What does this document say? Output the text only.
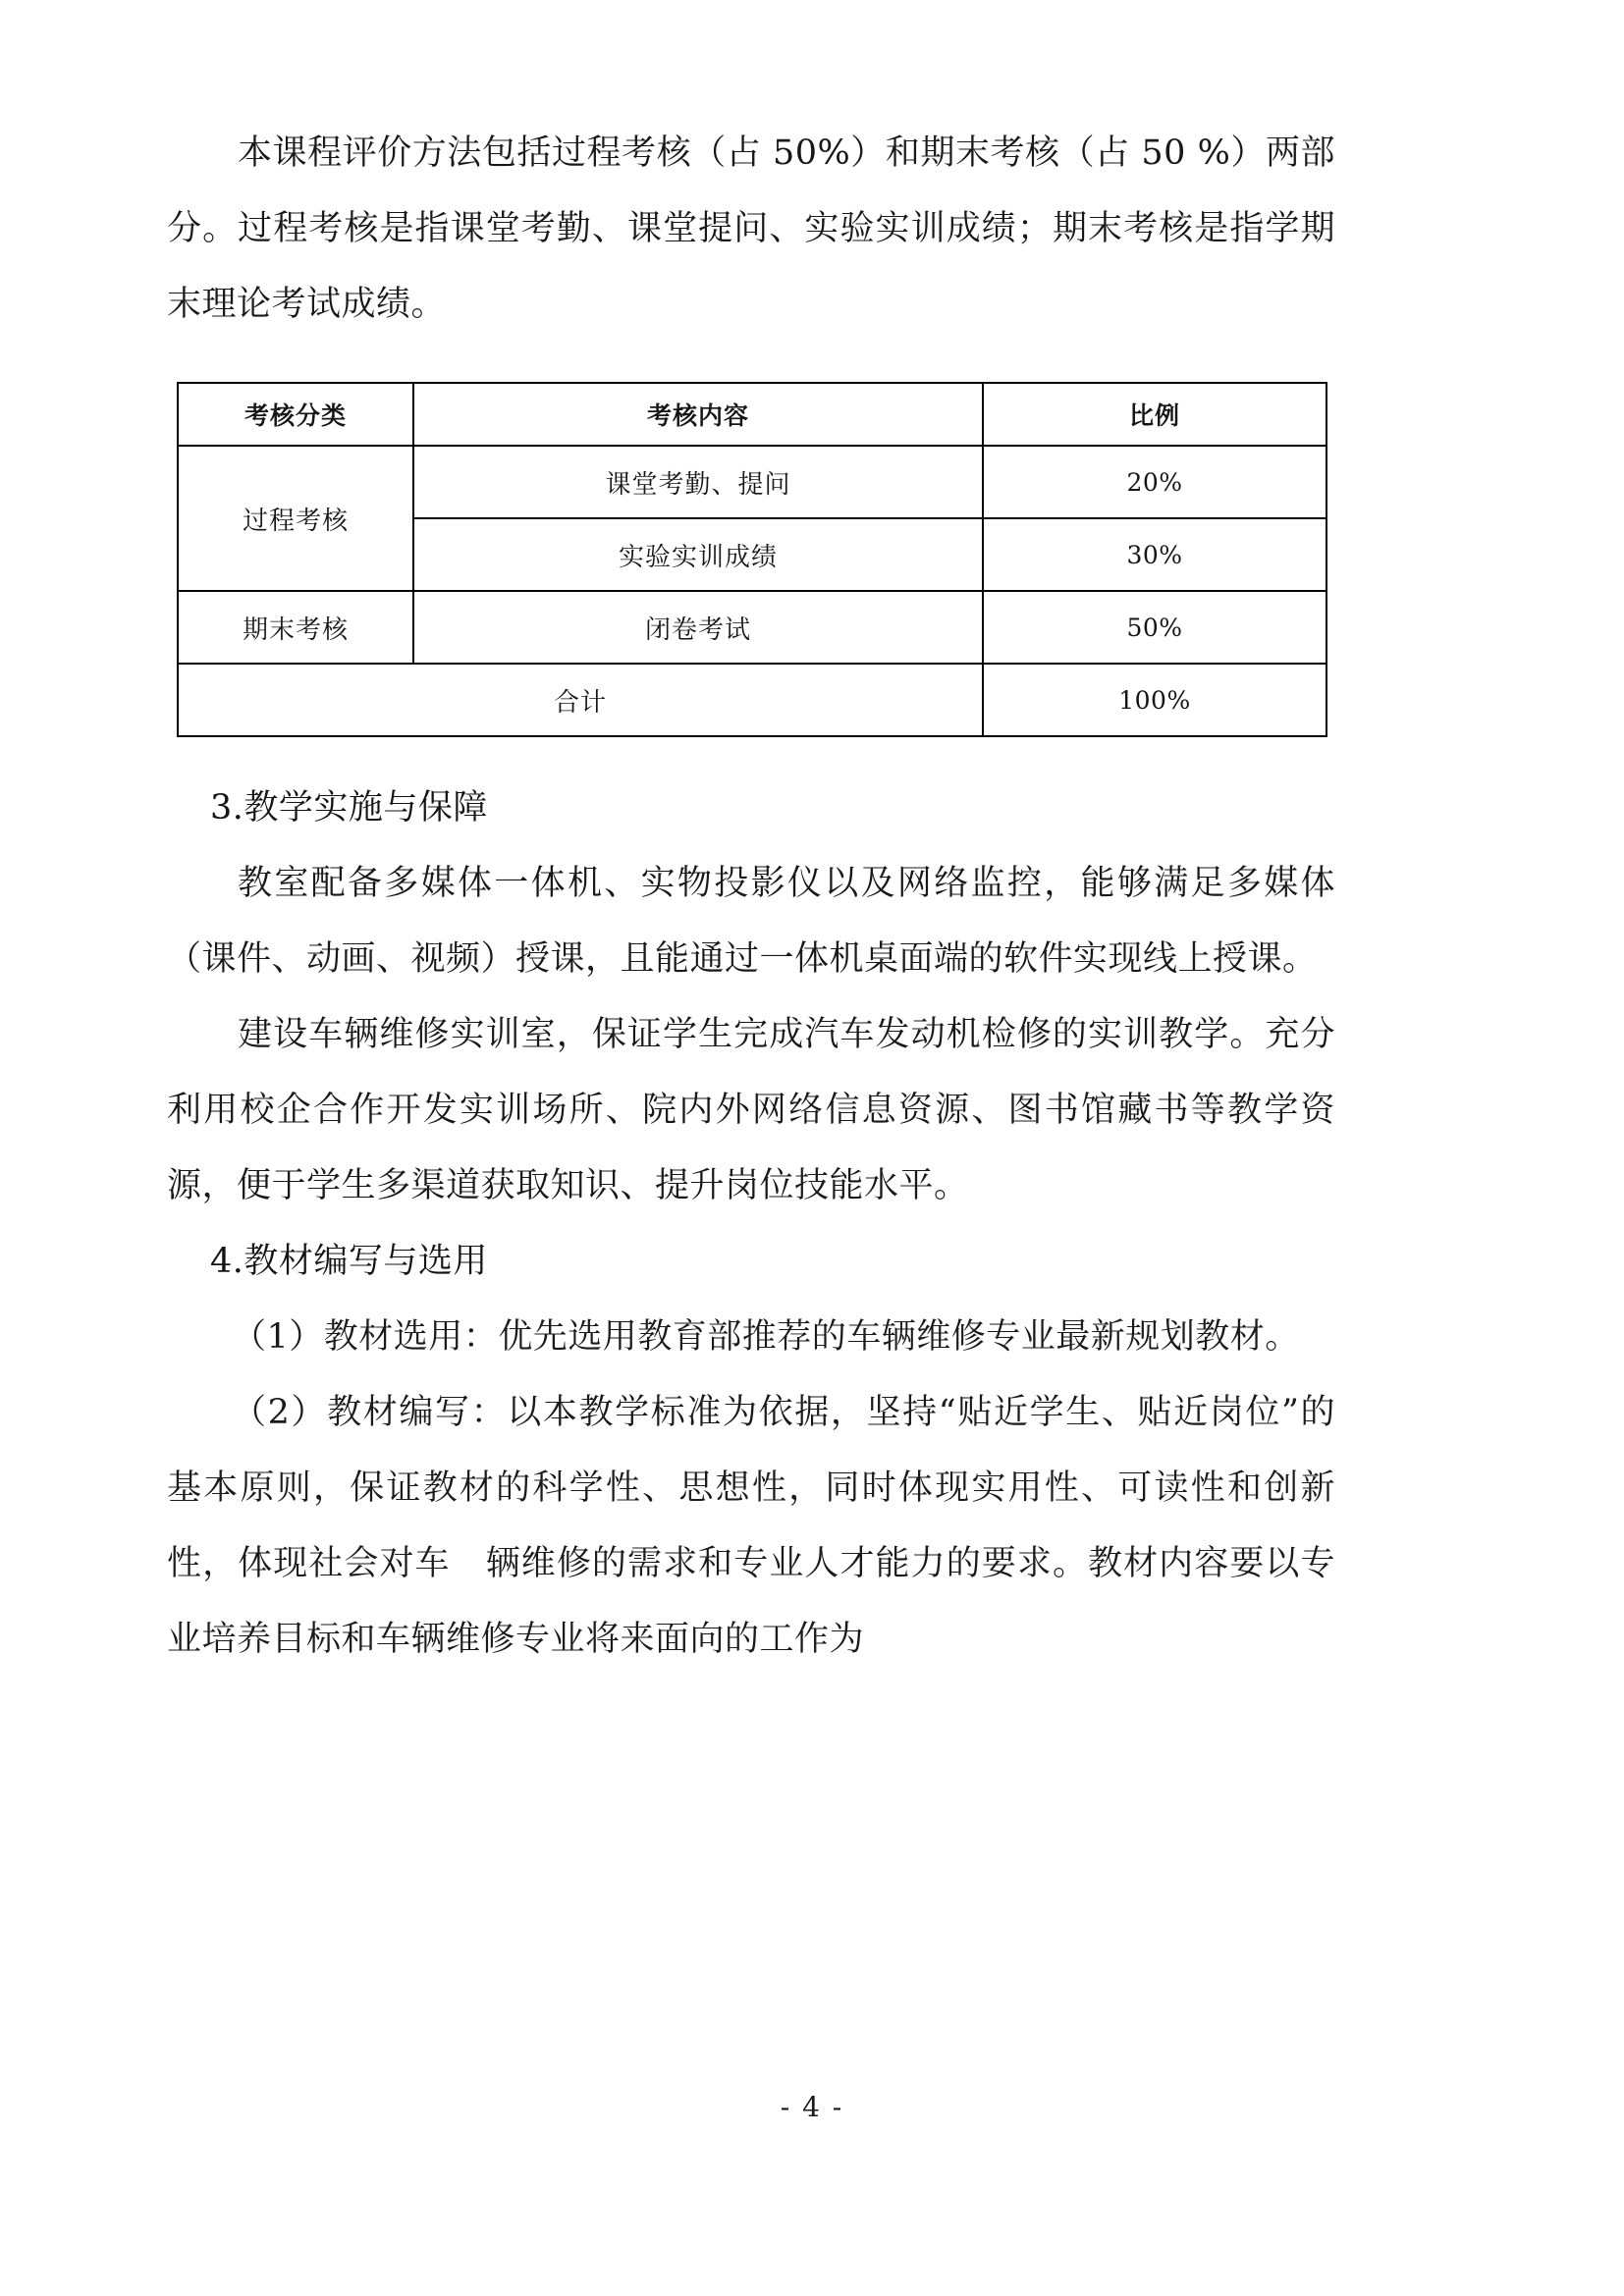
本课程评价方法包括过程考核（占 50%）和期末考核（占 50 %）两部分。过程考核是指课堂考勤、课堂提问、实验实训成绩；期末考核是指学期末理论考试成绩。

考核分类	考核内容	比例
过程考核	课堂考勤、提问	20%
	实验实训成绩	30%
期末考核	闭卷考试	50%
合计		100%

3.教学实施与保障

教室配备多媒体一体机、实物投影仪以及网络监控，能够满足多媒体（课件、动画、视频）授课，且能通过一体机桌面端的软件实现线上授课。

建设车辆维修实训室，保证学生完成汽车发动机检修的实训教学。充分利用校企合作开发实训场所、院内外网络信息资源、图书馆藏书等教学资源，便于学生多渠道获取知识、提升岗位技能水平。

4.教材编写与选用

（1）教材选用：优先选用教育部推荐的车辆维修专业最新规划教材。

（2）教材编写：以本教学标准为依据，坚持“贴近学生、贴近岗位”的基本原则，保证教材的科学性、思想性，同时体现实用性、可读性和创新性，体现社会对车　辆维修的需求和专业人才能力的要求。教材内容要以专业培养目标和车辆维修专业将来面向的工作为

- 4 -
